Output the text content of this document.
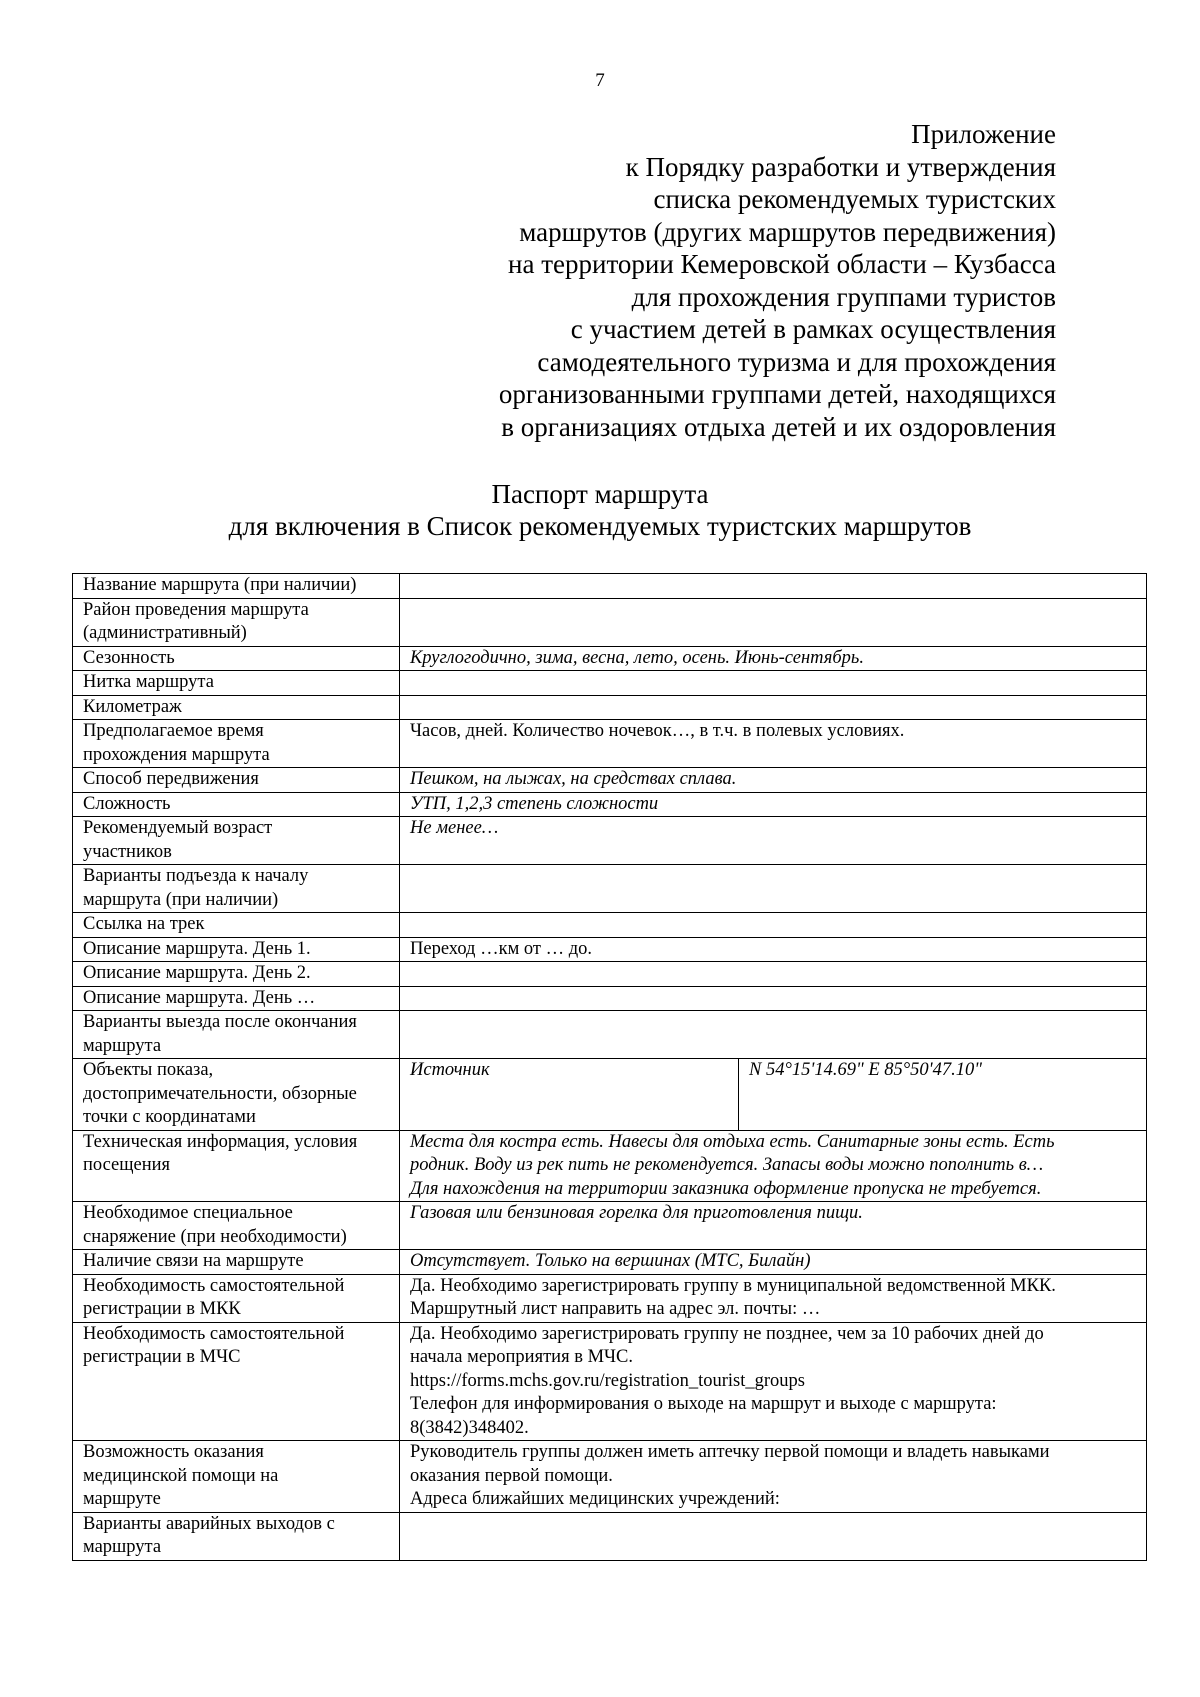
7
Приложение
к Порядку разработки и утверждения
списка рекомендуемых туристских
маршрутов (других маршрутов передвижения)
на территории Кемеровской области – Кузбасса
для прохождения группами туристов
с участием детей в рамках осуществления
самодеятельного туризма и для прохождения
организованными группами детей, находящихся
в организациях отдыха детей и их оздоровления
Паспорт маршрута
для включения в Список рекомендуемых туристских маршрутов
Название маршрута (при наличии)		

Район проведения маршрута
(административный)		

Сезонность	Круглогодично, зима, весна, лето, осень. Июнь-сентябрь.	

Нитка маршрута		

Километраж		

Предполагаемое время
прохождения маршрута	Часов, дней. Количество ночевок…, в т.ч. в полевых условиях.	

Способ передвижения	Пешком, на лыжах, на средствах сплава.	

Сложность	УТП, 1,2,3 степень сложности	

Рекомендуемый возраст
участников	Не менее…	

Варианты подъезда к началу
маршрута (при наличии)		

Ссылка на трек		

Описание маршрута. День 1.	Переход …км от … до.	

Описание маршрута. День 2.		

Описание маршрута. День …		

Варианты выезда после окончания
маршрута		

Объекты показа,
достопримечательности, обзорные
точки с координатами	Источник	N 54°15'14.69" E 85°50'47.10"

Техническая информация, условия
посещения	Места для костра есть. Навесы для отдыха есть. Санитарные зоны есть. Есть
родник. Воду из рек пить не рекомендуется. Запасы воды можно пополнить в…
Для нахождения на территории заказника оформление пропуска не требуется.	

Необходимое специальное
снаряжение (при необходимости)	Газовая или бензиновая горелка для приготовления пищи.	

Наличие связи на маршруте	Отсутствует. Только на вершинах (МТС, Билайн)	

Необходимость самостоятельной
регистрации в МКК	Да. Необходимо зарегистрировать группу в муниципальной ведомственной МКК.
Маршрутный лист направить на адрес эл. почты: …	

Необходимость самостоятельной
регистрации в МЧС	Да. Необходимо зарегистрировать группу не позднее, чем за 10 рабочих дней до
начала мероприятия в МЧС.
https://forms.mchs.gov.ru/registration_tourist_groups
Телефон для информирования о выходе на маршрут и выходе с маршрута:
8(3842)348402.	

Возможность оказания
медицинской помощи на
маршруте	Руководитель группы должен иметь аптечку первой помощи и владеть навыками
оказания первой помощи.
Адреса ближайших медицинских учреждений:	

Варианты аварийных выходов с
маршрута		
